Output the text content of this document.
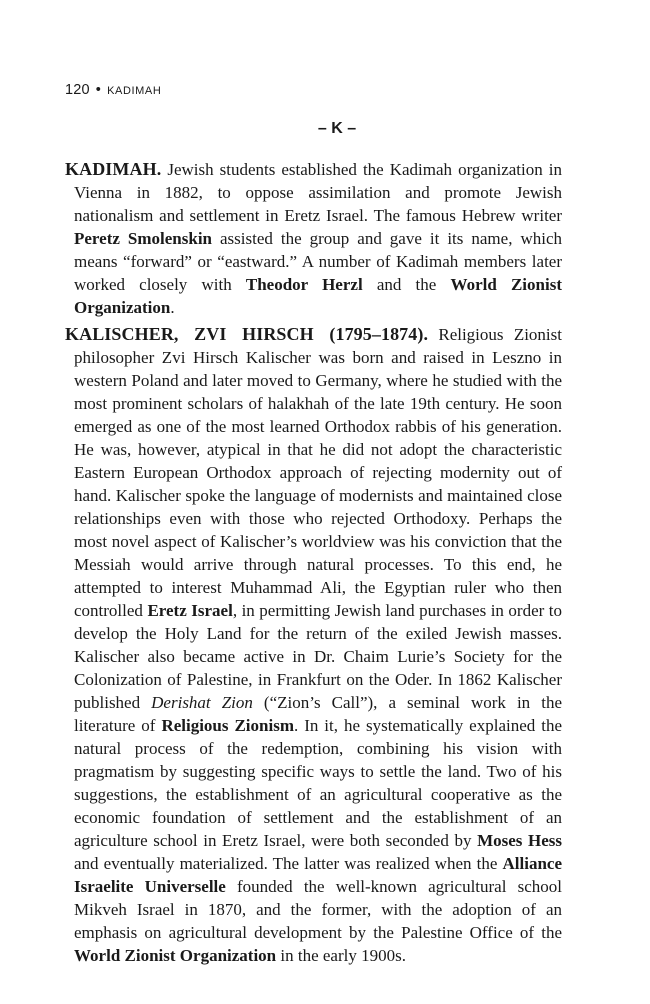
120 • KADIMAH
– K –
KADIMAH. Jewish students established the Kadimah organization in Vienna in 1882, to oppose assimilation and promote Jewish nationalism and settlement in Eretz Israel. The famous Hebrew writer Peretz Smolenskin assisted the group and gave it its name, which means “forward” or “eastward.” A number of Kadimah members later worked closely with Theodor Herzl and the World Zionist Organization.
KALISCHER, ZVI HIRSCH (1795–1874). Religious Zionist philosopher Zvi Hirsch Kalischer was born and raised in Leszno in western Poland and later moved to Germany, where he studied with the most prominent scholars of halakhah of the late 19th century. He soon emerged as one of the most learned Orthodox rabbis of his generation. He was, however, atypical in that he did not adopt the characteristic Eastern European Orthodox approach of rejecting modernity out of hand. Kalischer spoke the language of modernists and maintained close relationships even with those who rejected Orthodoxy. Perhaps the most novel aspect of Kalischer’s worldview was his conviction that the Messiah would arrive through natural processes. To this end, he attempted to interest Muhammad Ali, the Egyptian ruler who then controlled Eretz Israel, in permitting Jewish land purchases in order to develop the Holy Land for the return of the exiled Jewish masses. Kalischer also became active in Dr. Chaim Lurie’s Society for the Colonization of Palestine, in Frankfurt on the Oder. In 1862 Kalischer published Derishat Zion (“Zion’s Call”), a seminal work in the literature of Religious Zionism. In it, he systematically explained the natural process of the redemption, combining his vision with pragmatism by suggesting specific ways to settle the land. Two of his suggestions, the establishment of an agricultural cooperative as the economic foundation of settlement and the establishment of an agriculture school in Eretz Israel, were both seconded by Moses Hess and eventually materialized. The latter was realized when the Alliance Israelite Universelle founded the well-known agricultural school Mikveh Israel in 1870, and the former, with the adoption of an emphasis on agricultural development by the Palestine Office of the World Zionist Organization in the early 1900s.
